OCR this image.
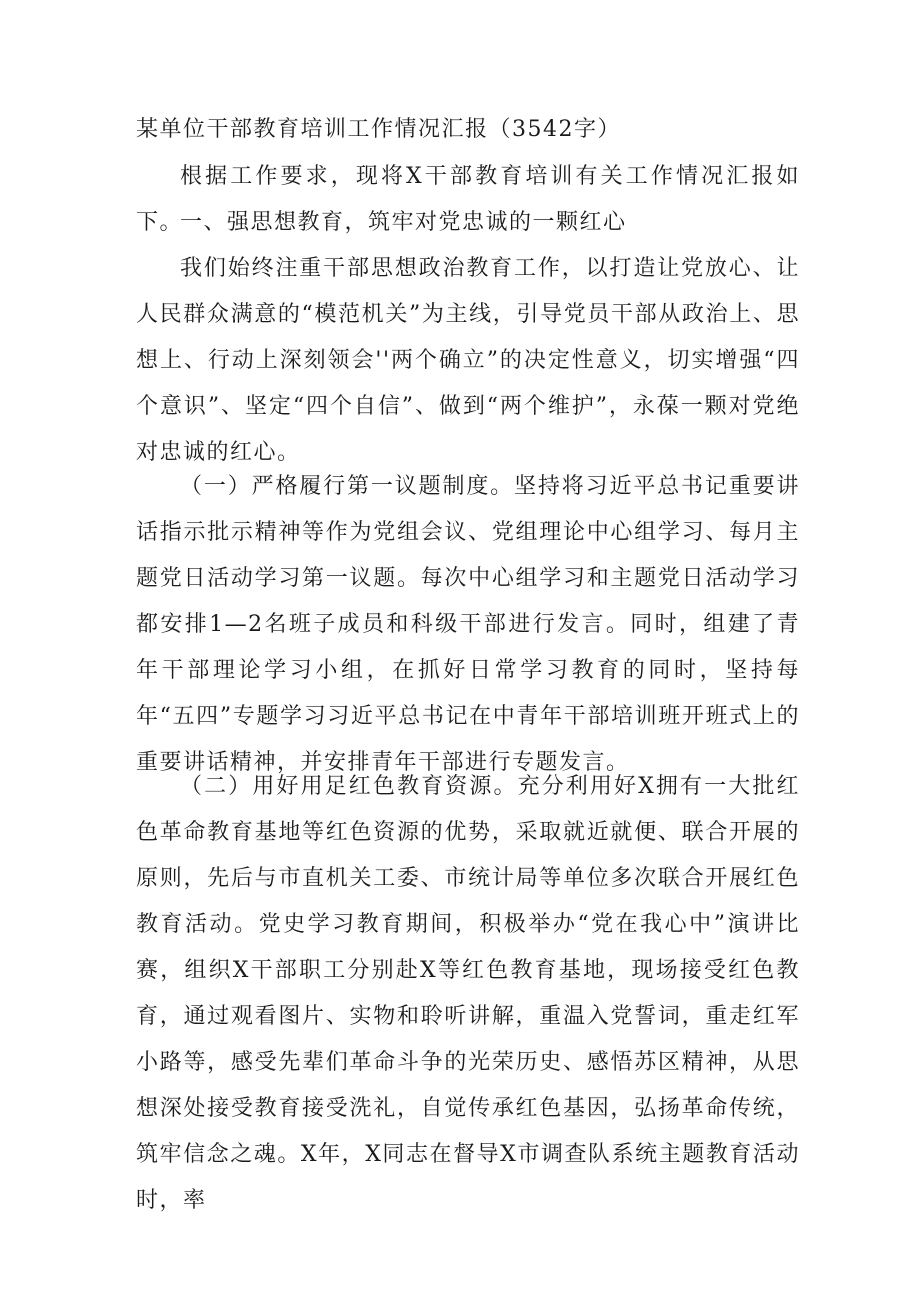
某单位干部教育培训工作情况汇报（3542字）

根据工作要求，现将X干部教育培训有关工作情况汇报如下。

一、强思想教育，筑牢对党忠诚的一颗红心

我们始终注重干部思想政治教育工作，以打造让党放心、让人民群众满意的“模范机关”为主线，引导党员干部从政治上、思想上、行动上深刻领会''两个确立”的决定性意义，切实增强“四个意识”、坚定“四个自信”、做到“两个维护”，永葆一颗对党绝对忠诚的红心。

（一）严格履行第一议题制度。坚持将习近平总书记重要讲话指示批示精神等作为党组会议、党组理论中心组学习、每月主题党日活动学习第一议题。每次中心组学习和主题党日活动学习都安排1—2名班子成员和科级干部进行发言。同时，组建了青年干部理论学习小组，在抓好日常学习教育的同时，坚持每年“五四”专题学习习近平总书记在中青年干部培训班开班式上的重要讲话精神，并安排青年干部进行专题发言。

（二）用好用足红色教育资源。充分利用好X拥有一大批红色革命教育基地等红色资源的优势，采取就近就便、联合开展的原则，先后与市直机关工委、市统计局等单位多次联合开展红色教育活动。党史学习教育期间，积极举办“党在我心中”演讲比赛，组织X干部职工分别赴X等红色教育基地，现场接受红色教育，通过观看图片、实物和聆听讲解，重温入党誓词，重走红军小路等，感受先辈们革命斗争的光荣历史、感悟苏区精神，从思想深处接受教育接受洗礼，自觉传承红色基因，弘扬革命传统，筑牢信念之魂。X年，X同志在督导X市调查队系统主题教育活动时，率
